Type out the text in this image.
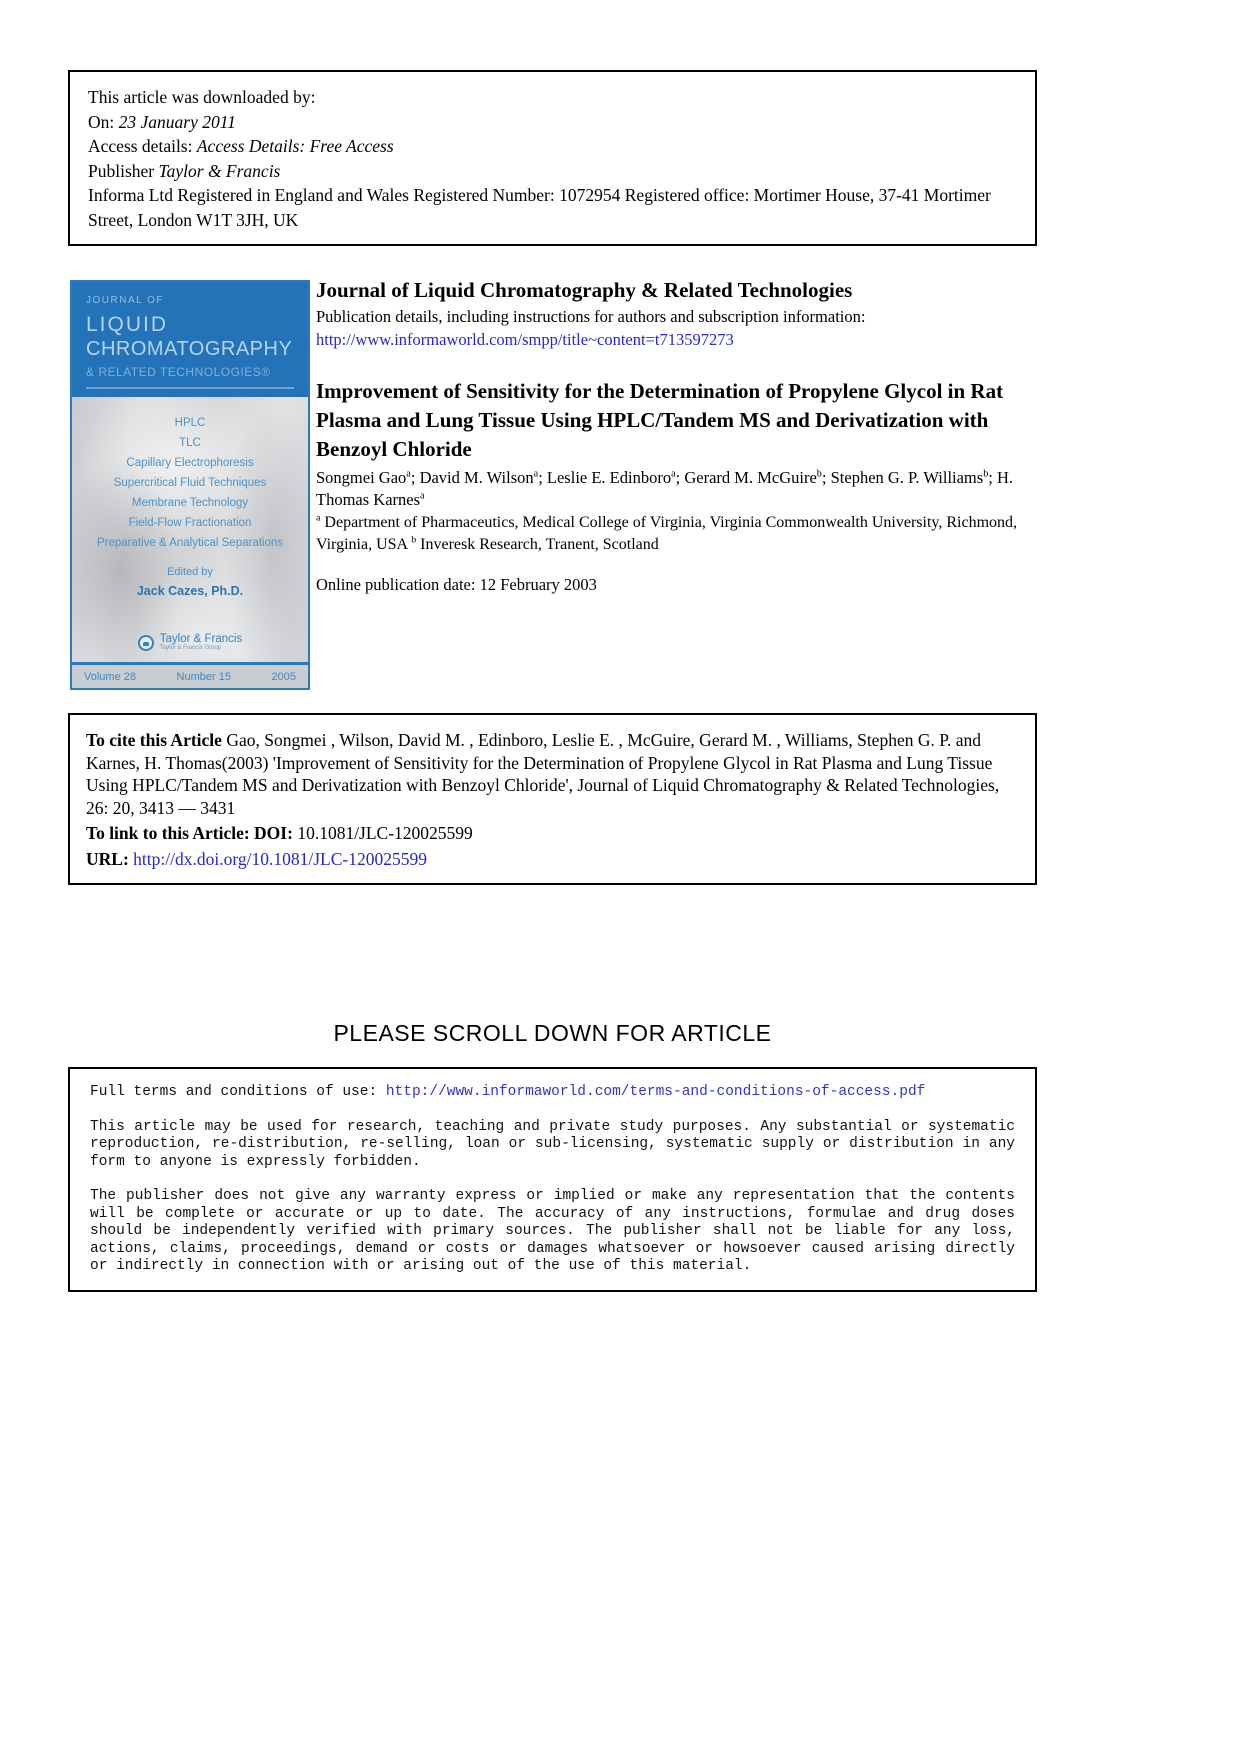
This article was downloaded by:
On: 23 January 2011
Access details: Access Details: Free Access
Publisher Taylor & Francis
Informa Ltd Registered in England and Wales Registered Number: 1072954 Registered office: Mortimer House, 37-41 Mortimer Street, London W1T 3JH, UK
JOURNAL OF
LIQUID
CHROMATOGRAPHY
& RELATED TECHNOLOGIES®
HPLC
TLC
Capillary Electrophoresis
Supercritical Fluid Techniques
Membrane Technology
Field-Flow Fractionation
Preparative & Analytical Separations
Edited by
Jack Cazes, Ph.D.
Taylor & Francis
Taylor & Francis Group
Volume 28	Number 15	2005
Journal of Liquid Chromatography & Related Technologies
Publication details, including instructions for authors and subscription information:
http://www.informaworld.com/smpp/title~content=t713597273
Improvement of Sensitivity for the Determination of Propylene Glycol in Rat Plasma and Lung Tissue Using HPLC/Tandem MS and Derivatization with Benzoyl Chloride
Songmei Gao$^a$; David M. Wilson$^a$; Leslie E. Edinboro$^a$; Gerard M. McGuire$^b$; Stephen G. P. Williams$^b$; H. Thomas Karnes$^a$
$^a$ Department of Pharmaceutics, Medical College of Virginia, Virginia Commonwealth University, Richmond, Virginia, USA $^b$ Inveresk Research, Tranent, Scotland
Online publication date: 12 February 2003
To cite this Article Gao, Songmei , Wilson, David M. , Edinboro, Leslie E. , McGuire, Gerard M. , Williams, Stephen G. P. and Karnes, H. Thomas(2003) 'Improvement of Sensitivity for the Determination of Propylene Glycol in Rat Plasma and Lung Tissue Using HPLC/Tandem MS and Derivatization with Benzoyl Chloride', Journal of Liquid Chromatography & Related Technologies, 26: 20, 3413 — 3431
To link to this Article: DOI: 10.1081/JLC-120025599
URL: http://dx.doi.org/10.1081/JLC-120025599
PLEASE SCROLL DOWN FOR ARTICLE

Full terms and conditions of use: http://www.informaworld.com/terms-and-conditions-of-access.pdf

This article may be used for research, teaching and private study purposes. Any substantial or systematic reproduction, re-distribution, re-selling, loan or sub-licensing, systematic supply or distribution in any form to anyone is expressly forbidden.

The publisher does not give any warranty express or implied or make any representation that the contents will be complete or accurate or up to date. The accuracy of any instructions, formulae and drug doses should be independently verified with primary sources. The publisher shall not be liable for any loss, actions, claims, proceedings, demand or costs or damages whatsoever or howsoever caused arising directly or indirectly in connection with or arising out of the use of this material.
